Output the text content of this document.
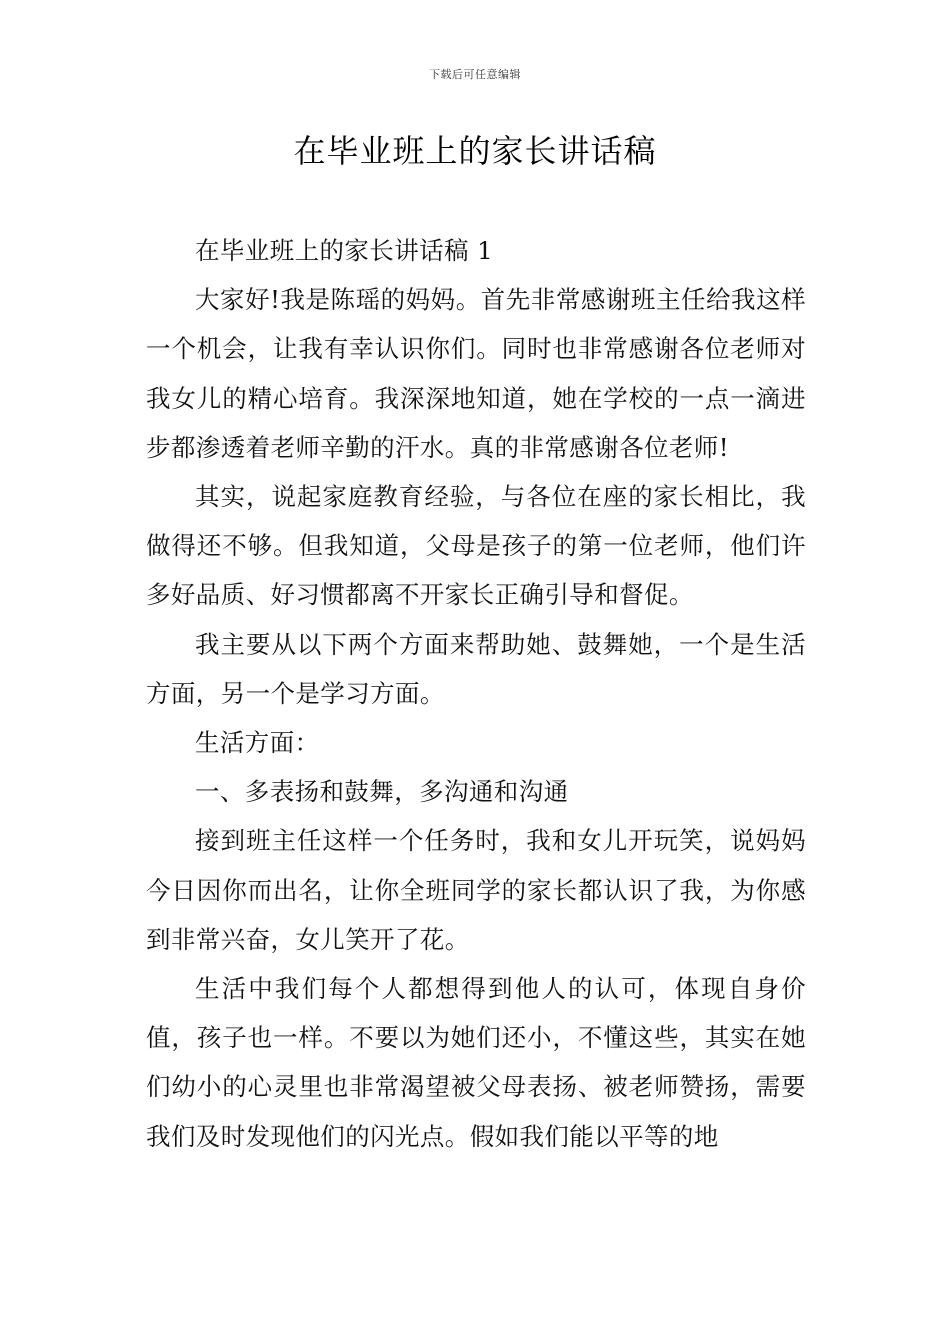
下载后可任意编辑
在毕业班上的家长讲话稿

在毕业班上的家长讲话稿 1

大家好!我是陈瑶的妈妈。首先非常感谢班主任给我这样一个机会，让我有幸认识你们。同时也非常感谢各位老师对我女儿的精心培育。我深深地知道，她在学校的一点一滴进步都渗透着老师辛勤的汗水。真的非常感谢各位老师!

其实，说起家庭教育经验，与各位在座的家长相比，我做得还不够。但我知道，父母是孩子的第一位老师，他们许多好品质、好习惯都离不开家长正确引导和督促。

我主要从以下两个方面来帮助她、鼓舞她，一个是生活方面，另一个是学习方面。

生活方面：

一、多表扬和鼓舞，多沟通和沟通

接到班主任这样一个任务时，我和女儿开玩笑，说妈妈今日因你而出名，让你全班同学的家长都认识了我，为你感到非常兴奋，女儿笑开了花。

生活中我们每个人都想得到他人的认可，体现自身价值，孩子也一样。不要以为她们还小，不懂这些，其实在她们幼小的心灵里也非常渴望被父母表扬、被老师赞扬，需要我们及时发现他们的闪光点。假如我们能以平等的地
